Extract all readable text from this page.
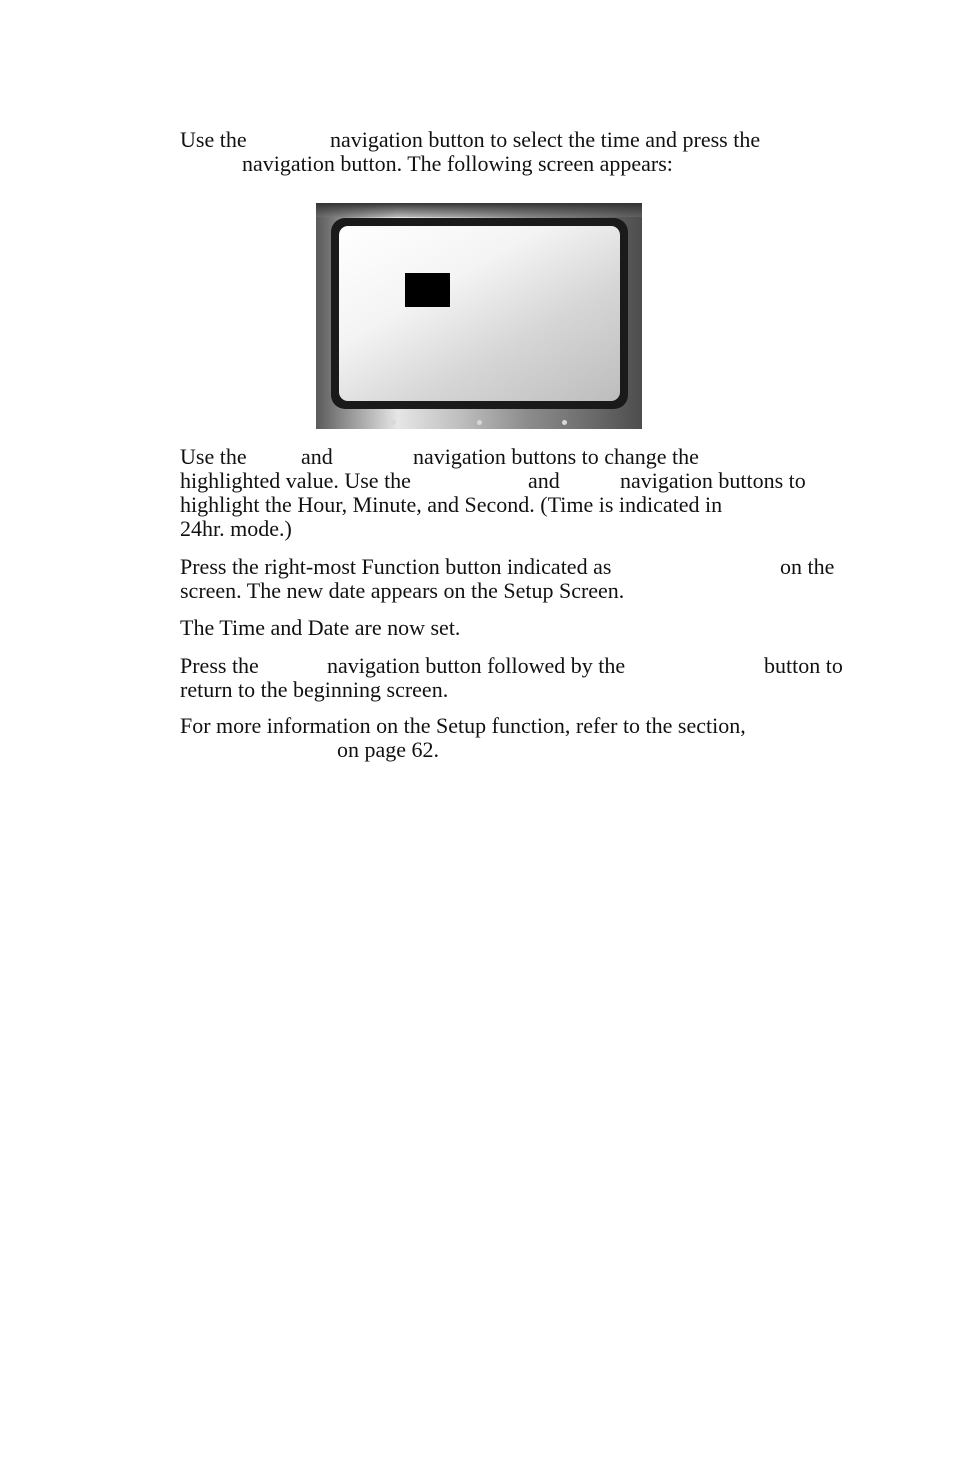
Use the	navigation button to select the time and press the
navigation button. The following screen appears:
Use the and	navigation buttons to change the
highlighted value. Use the	and	navigation buttons to
highlight the Hour, Minute, and Second. (Time is indicated in
24hr. mode.)
Press the right-most Function button indicated as	on the
screen. The new date appears on the Setup Screen.
The Time and Date are now set.
Press the	navigation button followed by the	button to
return to the beginning screen.
For more information on the Setup function, refer to the section,
on page 62.
